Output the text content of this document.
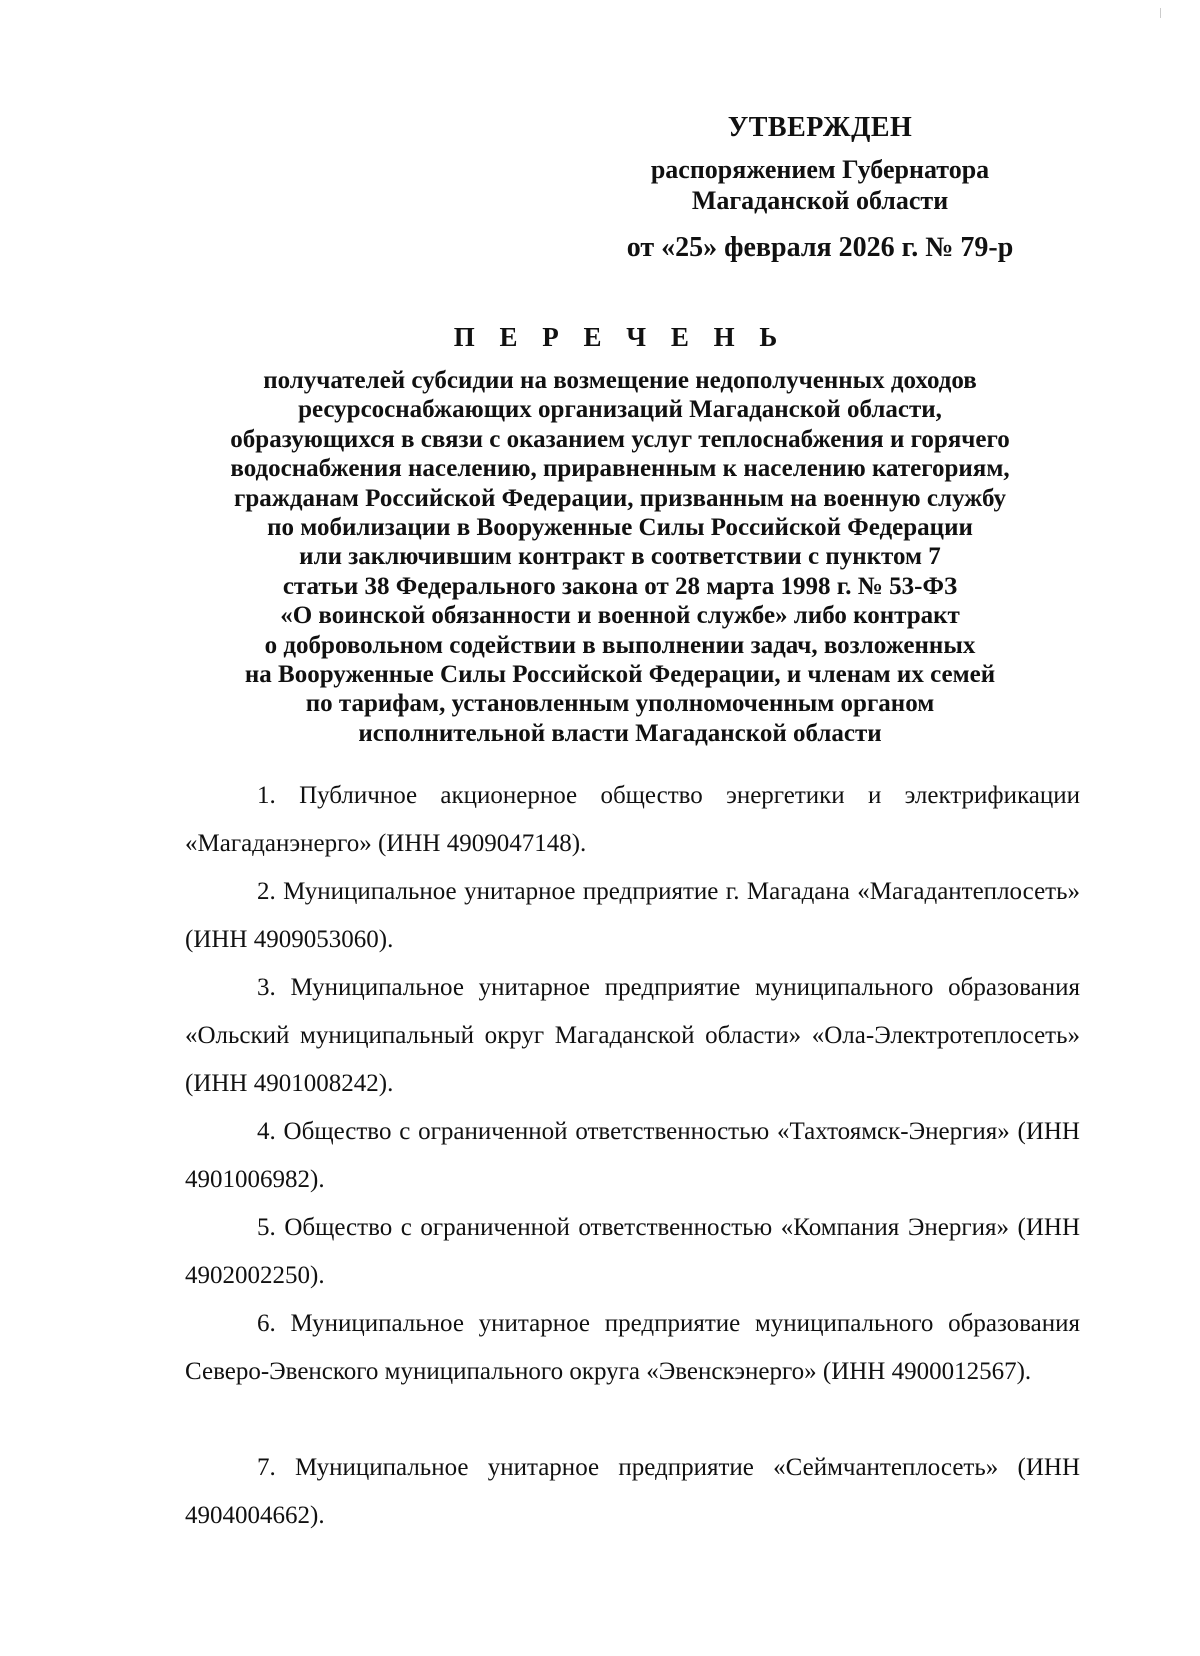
УТВЕРЖДЕН
распоряжением Губернатора
Магаданской области
от «25» февраля 2026 г. № 79-р
П Е Р Е Ч Е Н Ь
получателей субсидии на возмещение недополученных доходов
ресурсоснабжающих организаций Магаданской области,
образующихся в связи с оказанием услуг теплоснабжения и горячего
водоснабжения населению, приравненным к населению категориям,
гражданам Российской Федерации, призванным на военную службу
по мобилизации в Вооруженные Силы Российской Федерации
или заключившим контракт в соответствии с пунктом 7
статьи 38 Федерального закона от 28 марта 1998 г. № 53-ФЗ
«О воинской обязанности и военной службе» либо контракт
о добровольном содействии в выполнении задач, возложенных
на Вооруженные Силы Российской Федерации, и членам их семей
по тарифам, установленным уполномоченным органом
исполнительной власти Магаданской области

1. Публичное акционерное общество энергетики и электрификации «Магаданэнерго» (ИНН 4909047148).

2. Муниципальное унитарное предприятие г. Магадана «Магадантеплосеть» (ИНН 4909053060).

3. Муниципальное унитарное предприятие муниципального образования «Ольский муниципальный округ Магаданской области» «Ола-Электротеплосеть» (ИНН 4901008242).

4. Общество с ограниченной ответственностью «Тахтоямск-Энергия» (ИНН 4901006982).

5. Общество с ограниченной ответственностью «Компания Энергия» (ИНН 4902002250).

6. Муниципальное унитарное предприятие муниципального образования Северо-Эвенского муниципального округа «Эвенскэнерго» (ИНН 4900012567).

7. Муниципальное унитарное предприятие «Сеймчантеплосеть» (ИНН 4904004662).
